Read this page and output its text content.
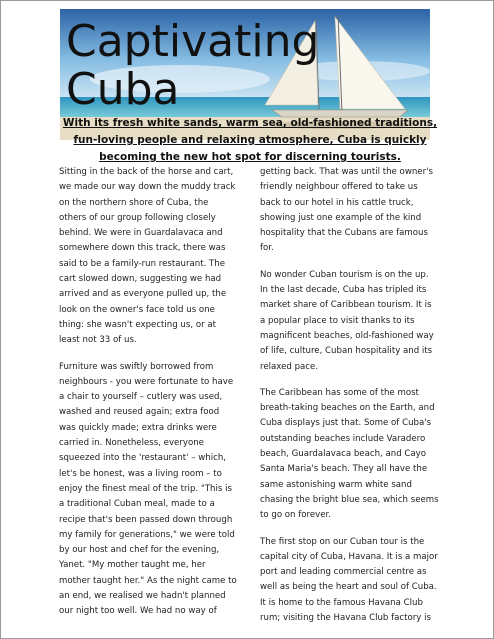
Captivating
Cuba

With its fresh white sands, warm sea, old-fashioned traditions, fun-loving people and relaxing atmosphere, Cuba is quickly becoming the new hot spot for discerning tourists.

Sitting in the back of the horse and cart,
we made our way down the muddy track
on the northern shore of Cuba, the
others of our group following closely
behind. We were in Guardalavaca and
somewhere down this track, there was
said to be a family-run restaurant. The
cart slowed down, suggesting we had
arrived and as everyone pulled up, the
look on the owner's face told us one
thing: she wasn't expecting us, or at
least not 33 of us.

Furniture was swiftly borrowed from
neighbours - you were fortunate to have
a chair to yourself – cutlery was used,
washed and reused again; extra food
was quickly made; extra drinks were
carried in. Nonetheless, everyone
squeezed into the 'restaurant' – which,
let's be honest, was a living room – to
enjoy the finest meal of the trip. "This is
a traditional Cuban meal, made to a
recipe that's been passed down through
my family for generations," we were told
by our host and chef for the evening,
Yanet. "My mother taught me, her
mother taught her." As the night came to
an end, we realised we hadn't planned
our night too well. We had no way of

getting back. That was until the owner's
friendly neighbour offered to take us
back to our hotel in his cattle truck,
showing just one example of the kind
hospitality that the Cubans are famous
for.

No wonder Cuban tourism is on the up.
In the last decade, Cuba has tripled its
market share of Caribbean tourism. It is
a popular place to visit thanks to its
magnificent beaches, old-fashioned way
of life, culture, Cuban hospitality and its
relaxed pace.

The Caribbean has some of the most
breath-taking beaches on the Earth, and
Cuba displays just that. Some of Cuba's
outstanding beaches include Varadero
beach, Guardalavaca beach, and Cayo
Santa Maria's beach. They all have the
same astonishing warm white sand
chasing the bright blue sea, which seems
to go on forever.

The first stop on our Cuban tour is the
capital city of Cuba, Havana. It is a major
port and leading commercial centre as
well as being the heart and soul of Cuba.
It is home to the famous Havana Club
rum; visiting the Havana Club factory is
